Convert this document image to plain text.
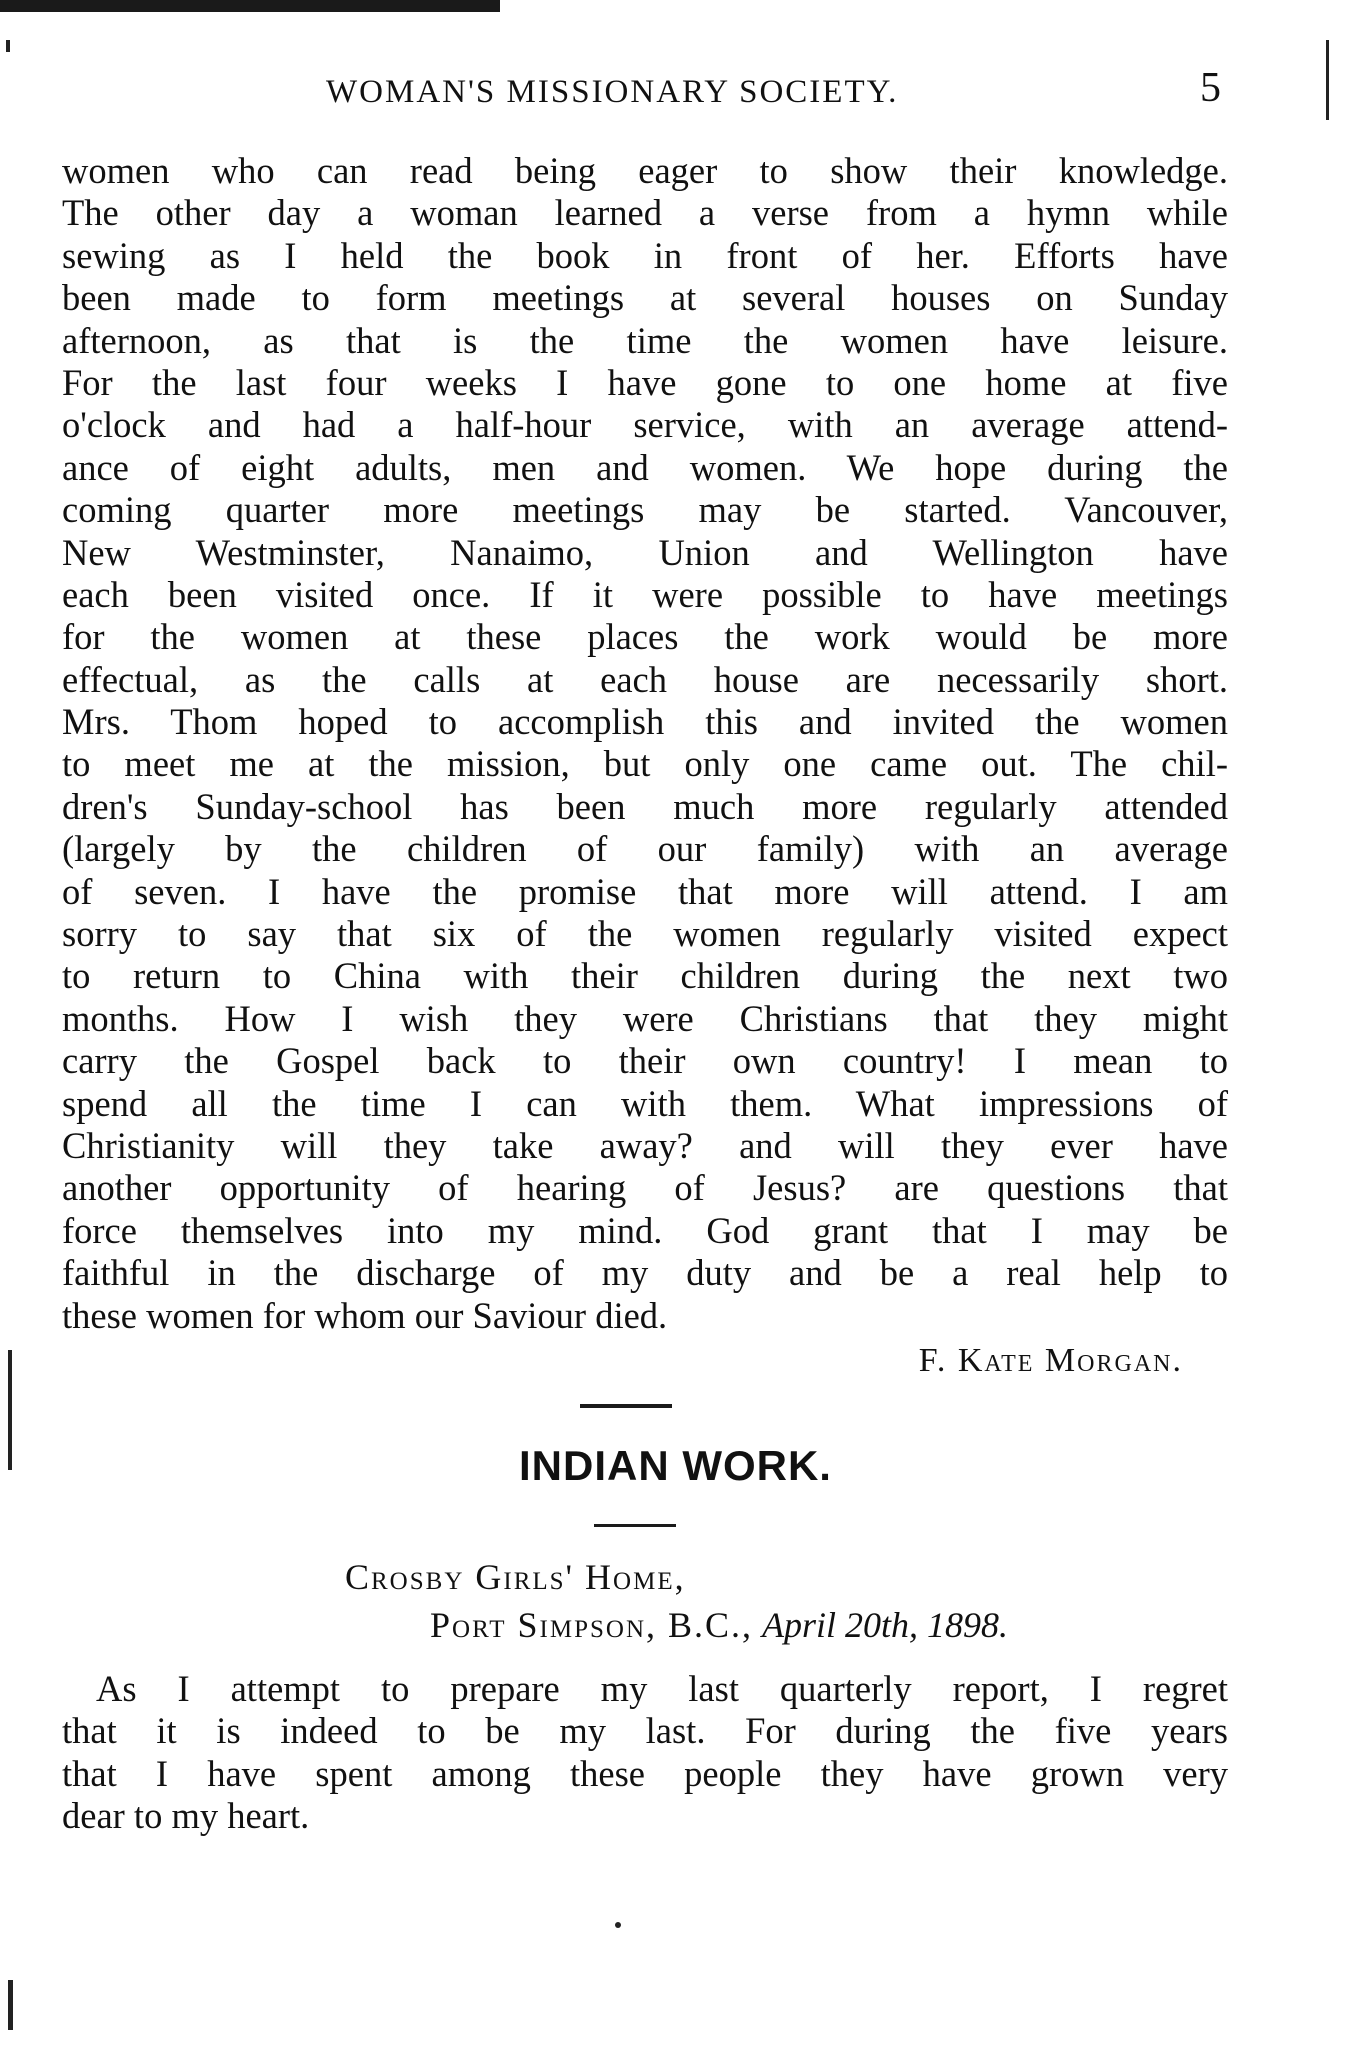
WOMAN'S MISSIONARY SOCIETY.	5
women who can read being eager to show their knowledge.
The other day a woman learned a verse from a hymn while
sewing as I held the book in front of her. Efforts have
been made to form meetings at several houses on Sunday
afternoon, as that is the time the women have leisure.
For the last four weeks I have gone to one home at five
o'clock and had a half-hour service, with an average attend-
ance of eight adults, men and women. We hope during the
coming quarter more meetings may be started. Vancouver,
New Westminster, Nanaimo, Union and Wellington have
each been visited once. If it were possible to have meetings
for the women at these places the work would be more
effectual, as the calls at each house are necessarily short.
Mrs. Thom hoped to accomplish this and invited the women
to meet me at the mission, but only one came out. The chil-
dren's Sunday-school has been much more regularly attended
(largely by the children of our family) with an average
of seven. I have the promise that more will attend. I am
sorry to say that six of the women regularly visited expect
to return to China with their children during the next two
months. How I wish they were Christians that they might
carry the Gospel back to their own country! I mean to
spend all the time I can with them. What impressions of
Christianity will they take away? and will they ever have
another opportunity of hearing of Jesus? are questions that
force themselves into my mind. God grant that I may be
faithful in the discharge of my duty and be a real help to
these women for whom our Saviour died.
F. Kate Morgan.
INDIAN WORK.
Crosby Girls' Home,
Port Simpson, B.C., April 20th, 1898.
As I attempt to prepare my last quarterly report, I regret
that it is indeed to be my last. For during the five years
that I have spent among these people they have grown very
dear to my heart.
